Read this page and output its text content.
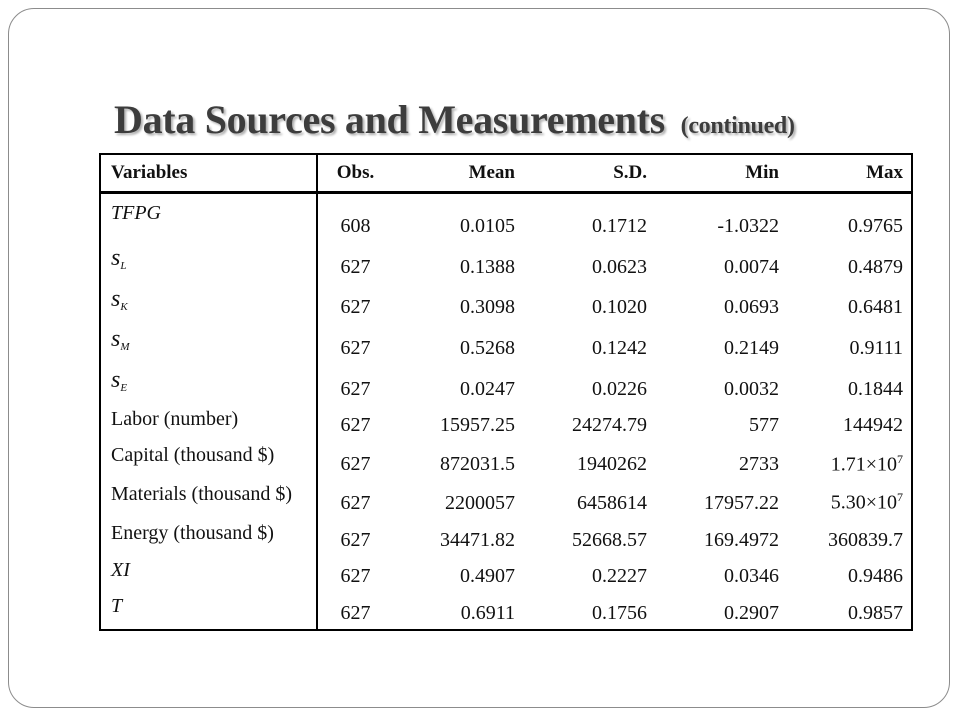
Data Sources and Measurements (continued)
Variables	Obs.	Mean	S.D.	Min	Max
TFPG	608	0.0105	0.1712	-1.0322	0.9765
$s_L$	627	0.1388	0.0623	0.0074	0.4879
$s_K$	627	0.3098	0.1020	0.0693	0.6481
$s_M$	627	0.5268	0.1242	0.2149	0.9111
$s_E$	627	0.0247	0.0226	0.0032	0.1844
Labor (number)	627	15957.25	24274.79	577	144942
Capital (thousand $)	627	872031.5	1940262	2733	$1.71\times 10^7$
Materials (thousand $)	627	2200057	6458614	17957.22	$5.30\times 10^7$
Energy (thousand $)	627	34471.82	52668.57	169.4972	360839.7
XI	627	0.4907	0.2227	0.0346	0.9486
T	627	0.6911	0.1756	0.2907	0.9857
